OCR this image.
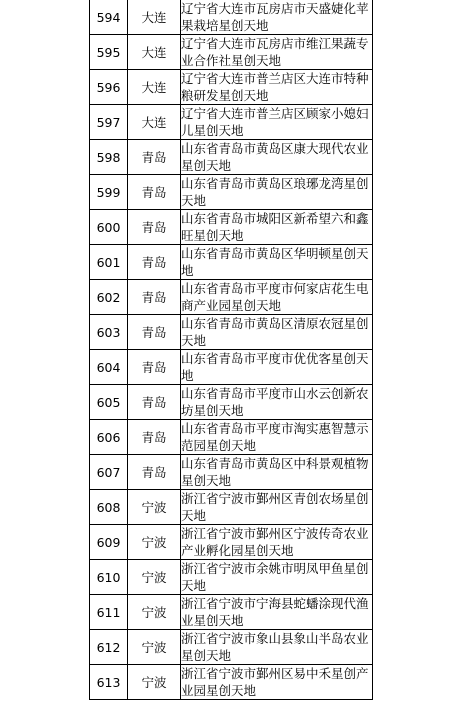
594	大连	辽宁省大连市瓦房店市天盛婕化苹果栽培星创天地
595	大连	辽宁省大连市瓦房店市维江果蔬专业合作社星创天地
596	大连	辽宁省大连市普兰店区大连市特种粮研发星创天地
597	大连	辽宁省大连市普兰店区顾家小媳妇儿星创天地
598	青岛	山东省青岛市黄岛区康大现代农业星创天地
599	青岛	山东省青岛市黄岛区琅琊龙湾星创天地
600	青岛	山东省青岛市城阳区新希望六和鑫旺星创天地
601	青岛	山东省青岛市黄岛区华明顿星创天地
602	青岛	山东省青岛市平度市何家店花生电商产业园星创天地
603	青岛	山东省青岛市黄岛区清原农冠星创天地
604	青岛	山东省青岛市平度市优优客星创天地
605	青岛	山东省青岛市平度市山水云创新农坊星创天地
606	青岛	山东省青岛市平度市淘实惠智慧示范园星创天地
607	青岛	山东省青岛市黄岛区中科景观植物星创天地
608	宁波	浙江省宁波市鄞州区青创农场星创天地
609	宁波	浙江省宁波市鄞州区宁波传奇农业产业孵化园星创天地
610	宁波	浙江省宁波市余姚市明凤甲鱼星创天地
611	宁波	浙江省宁波市宁海县蛇蟠涂现代渔业星创天地
612	宁波	浙江省宁波市象山县象山半岛农业星创天地
613	宁波	浙江省宁波市鄞州区易中禾星创产业园星创天地
